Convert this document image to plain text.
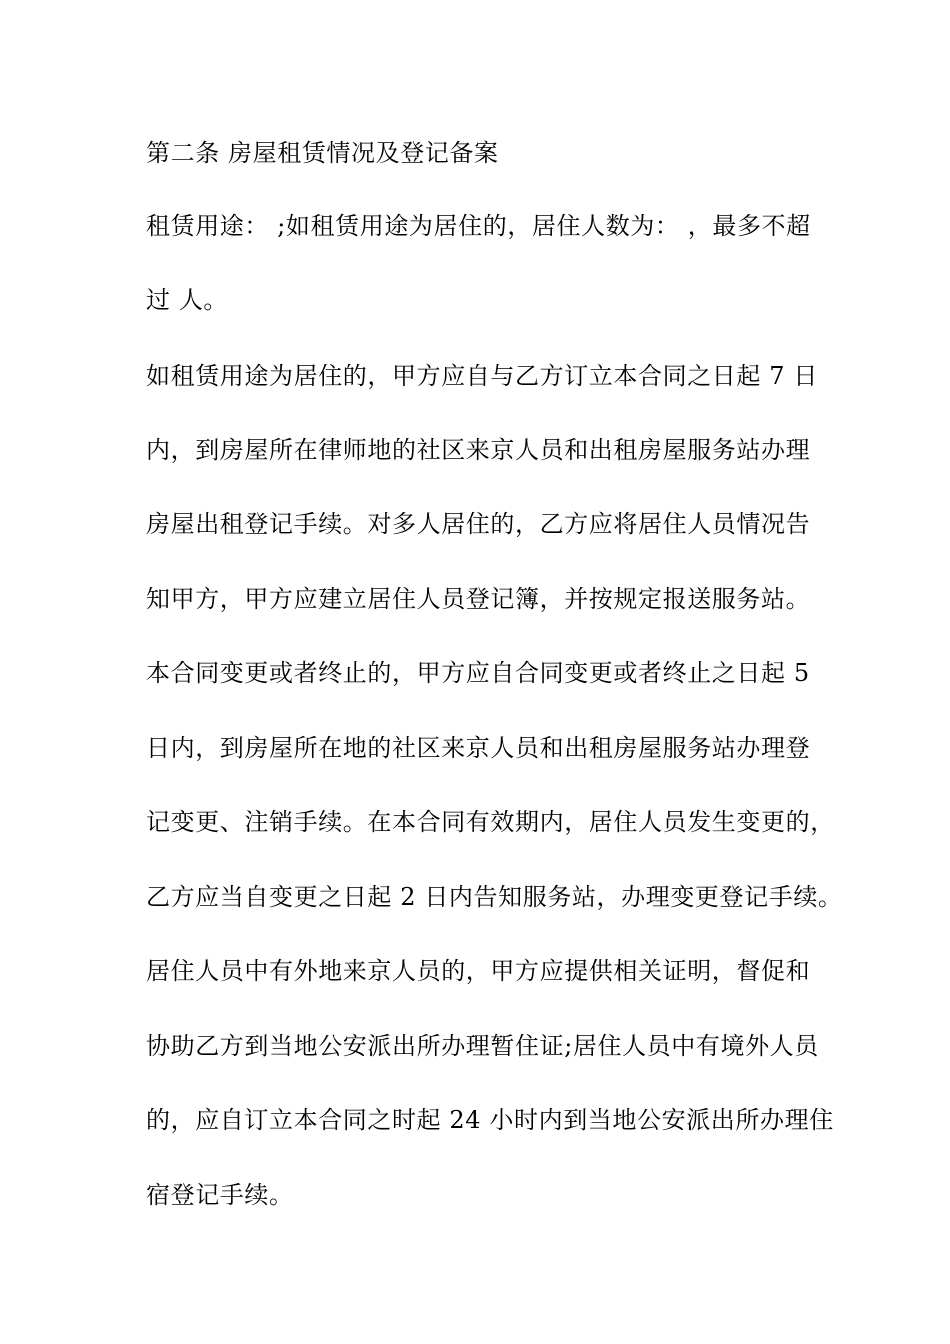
第二条 房屋租赁情况及登记备案
租赁用途： ;如租赁用途为居住的，居住人数为： ，最多不超
过 人。
如租赁用途为居住的，甲方应自与乙方订立本合同之日起 7 日
内，到房屋所在律师地的社区来京人员和出租房屋服务站办理
房屋出租登记手续。对多人居住的，乙方应将居住人员情况告
知甲方，甲方应建立居住人员登记簿，并按规定报送服务站。
本合同变更或者终止的，甲方应自合同变更或者终止之日起 5
日内，到房屋所在地的社区来京人员和出租房屋服务站办理登
记变更、注销手续。在本合同有效期内，居住人员发生变更的，
乙方应当自变更之日起 2 日内告知服务站，办理变更登记手续。
居住人员中有外地来京人员的，甲方应提供相关证明，督促和
协助乙方到当地公安派出所办理暂住证;居住人员中有境外人员
的，应自订立本合同之时起 24 小时内到当地公安派出所办理住
宿登记手续。
